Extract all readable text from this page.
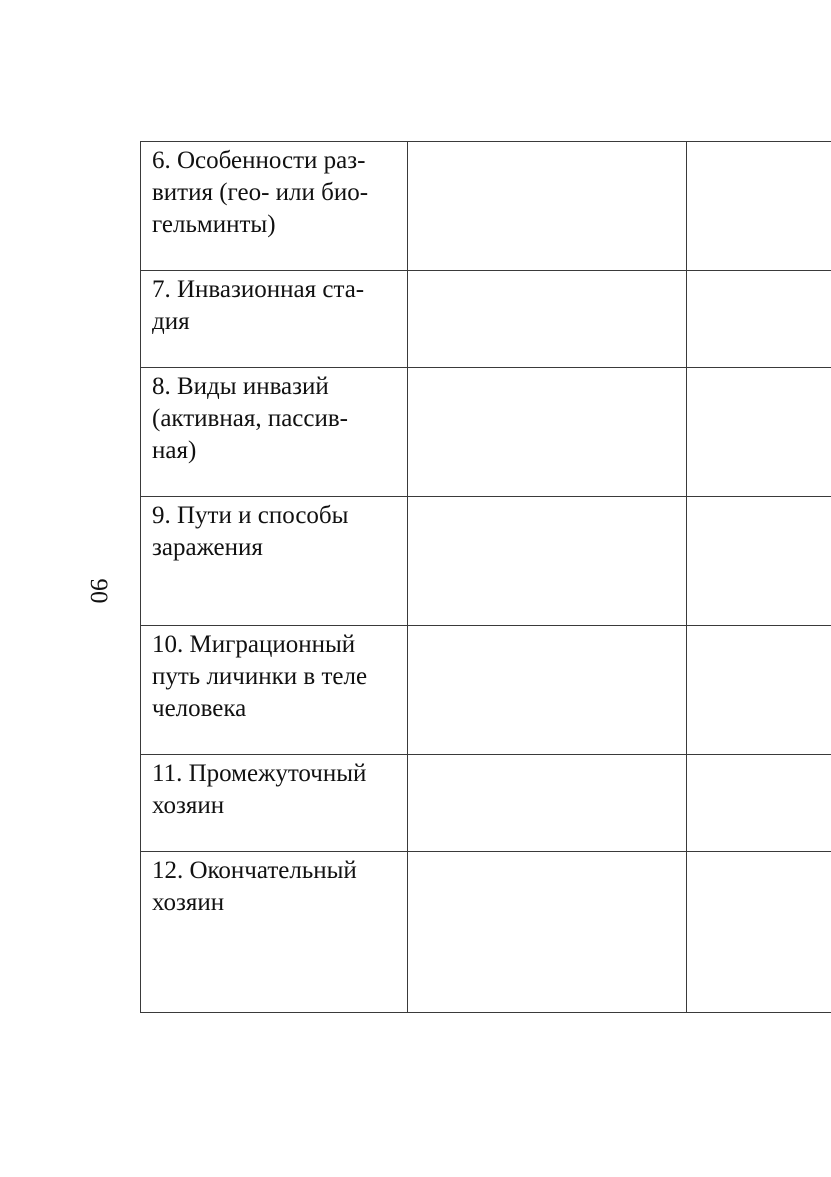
90
6. Особенности раз-
вития (гео- или био-
гельминты)		

7. Инвазионная ста-
дия		

8. Виды инвазий
(активная, пассив-
ная)		

9. Пути и способы
заражения		

10. Миграционный
путь личинки в теле
человека		

11. Промежуточный
хозяин		

12. Окончательный
хозяин		
